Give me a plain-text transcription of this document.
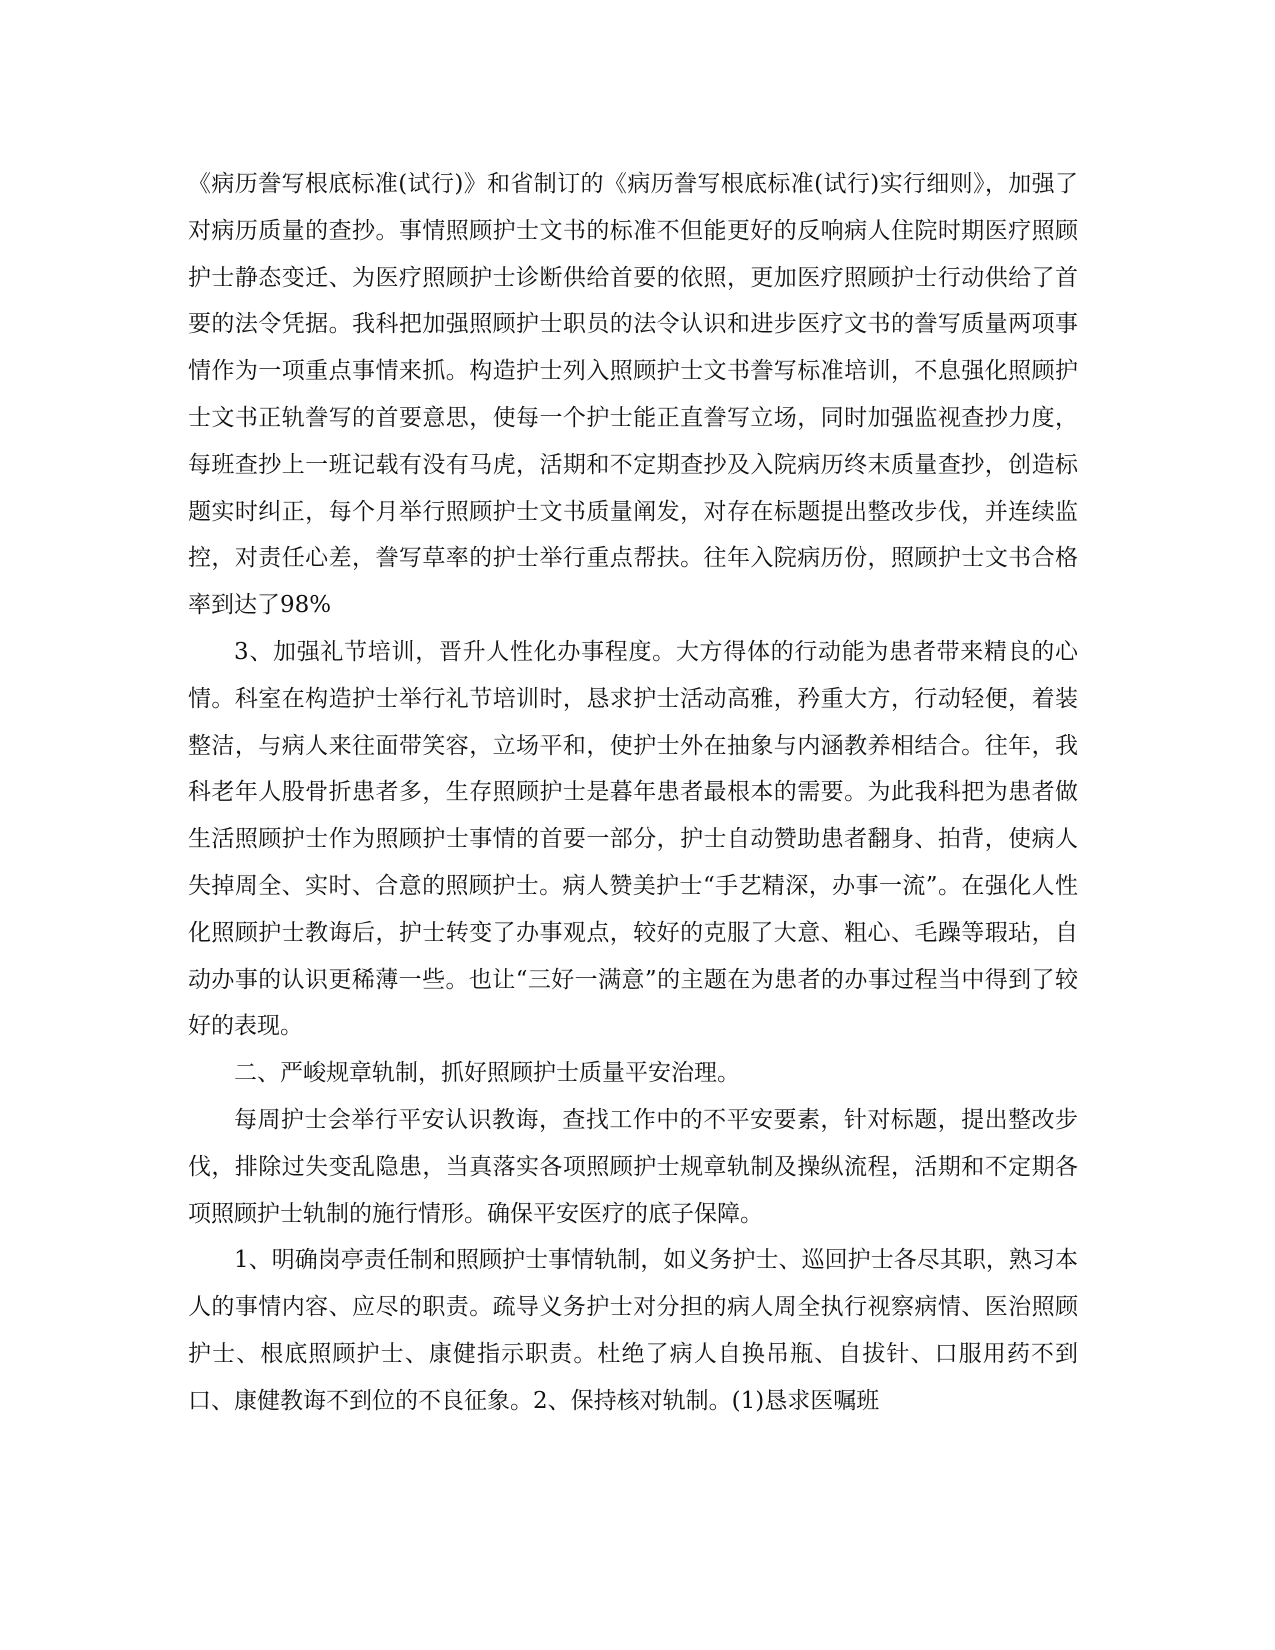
《病历誊写根底标准(试行)》和省制订的《病历誊写根底标准(试行)实行细则》，加强了对病历质量的查抄。事情照顾护士文书的标准不但能更好的反响病人住院时期医疗照顾护士静态变迁、为医疗照顾护士诊断供给首要的依照，更加医疗照顾护士行动供给了首要的法令凭据。我科把加强照顾护士职员的法令认识和进步医疗文书的誊写质量两项事情作为一项重点事情来抓。构造护士列入照顾护士文书誊写标准培训，不息强化照顾护士文书正轨誊写的首要意思，使每一个护士能正直誊写立场，同时加强监视查抄力度，每班查抄上一班记载有没有马虎，活期和不定期查抄及入院病历终末质量查抄，创造标题实时纠正，每个月举行照顾护士文书质量阐发，对存在标题提出整改步伐，并连续监控，对责任心差，誊写草率的护士举行重点帮扶。往年入院病历份，照顾护士文书合格率到达了98%

3、加强礼节培训，晋升人性化办事程度。大方得体的行动能为患者带来精良的心情。科室在构造护士举行礼节培训时，恳求护士活动高雅，矜重大方，行动轻便，着装整洁，与病人来往面带笑容，立场平和，使护士外在抽象与内涵教养相结合。往年，我科老年人股骨折患者多，生存照顾护士是暮年患者最根本的需要。为此我科把为患者做生活照顾护士作为照顾护士事情的首要一部分，护士自动赞助患者翻身、拍背，使病人失掉周全、实时、合意的照顾护士。病人赞美护士“手艺精深，办事一流”。在强化人性化照顾护士教诲后，护士转变了办事观点，较好的克服了大意、粗心、毛躁等瑕玷，自动办事的认识更稀薄一些。也让“三好一满意”的主题在为患者的办事过程当中得到了较好的表现。

二、严峻规章轨制，抓好照顾护士质量平安治理。

每周护士会举行平安认识教诲，查找工作中的不平安要素，针对标题，提出整改步伐，排除过失变乱隐患，当真落实各项照顾护士规章轨制及操纵流程，活期和不定期各项照顾护士轨制的施行情形。确保平安医疗的底子保障。

1、明确岗亭责任制和照顾护士事情轨制，如义务护士、巡回护士各尽其职，熟习本人的事情内容、应尽的职责。疏导义务护士对分担的病人周全执行视察病情、医治照顾护士、根底照顾护士、康健指示职责。杜绝了病人自换吊瓶、自拔针、口服用药不到口、康健教诲不到位的不良征象。2、保持核对轨制。(1)恳求医嘱班
